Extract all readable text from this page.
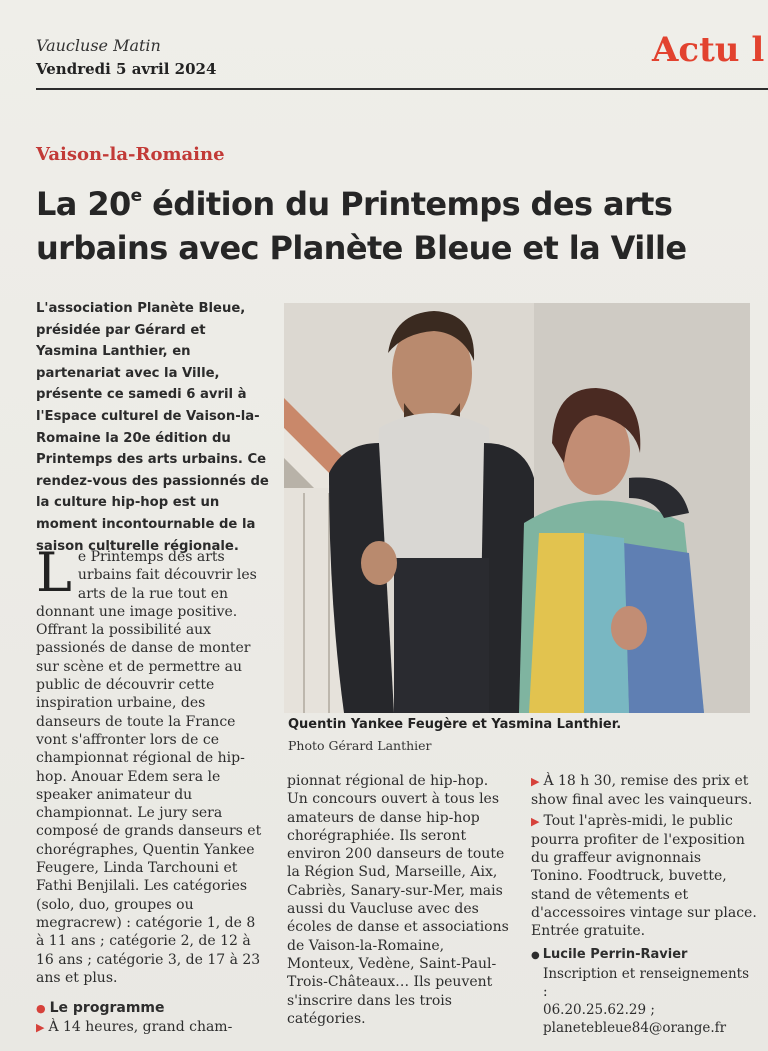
Vaucluse Matin
Vendredi 5 avril 2024	Actu l
Vaison-la-Romaine
La 20e édition du Printemps des arts urbains avec Planète Bleue et la Ville
L'association Planète Bleue, présidée par Gérard et Yasmina Lanthier, en partenariat avec la Ville, présente ce samedi 6 avril à l'Espace culturel de Vaison-la-Romaine la 20e édition du Printemps des arts urbains. Ce rendez-vous des passionnés de la culture hip-hop est un moment incontournable de la saison culturelle régionale.
Quentin Yankee Feugère et Yasmina Lanthier.
Photo Gérard Lanthier
Le Printemps des arts urbains fait découvrir les arts de la rue tout en donnant une image positive. Offrant la possibilité aux passionés de danse de monter sur scène et de permettre au public de découvrir cette inspiration urbaine, des danseurs de toute la France vont s'affronter lors de ce championnat régional de hip-hop. Anouar Edem sera le speaker animateur du championnat. Le jury sera composé de grands danseurs et chorégraphes, Quentin Yankee Feugere, Linda Tarchouni et Fathi Benjilali. Les catégories (solo, duo, groupes ou megracrew) : catégorie 1, de 8 à 11 ans ; catégorie 2, de 12 à 16 ans ; catégorie 3, de 17 à 23 ans et plus.
● Le programme
▶ À 14 heures, grand cham-
pionnat régional de hip-hop. Un concours ouvert à tous les amateurs de danse hip-hop chorégraphiée. Ils seront environ 200 danseurs de toute la Région Sud, Marseille, Aix, Cabriès, Sanary-sur-Mer, mais aussi du Vaucluse avec des écoles de danse et associations de Vaison-la-Romaine, Monteux, Vedène, Saint-Paul-Trois-Châteaux… Ils peuvent s'inscrire dans les trois catégories.
▶ À 18 h 30, remise des prix et show final avec les vainqueurs.
▶ Tout l'après-midi, le public pourra profiter de l'exposition du graffeur avignonnais Tonino. Foodtruck, buvette, stand de vêtements et d'accessoires vintage sur place. Entrée gratuite.
● Lucile Perrin-Ravier
Inscription et renseignements :
06.20.25.62.29 ;
planetebleue84@orange.fr
